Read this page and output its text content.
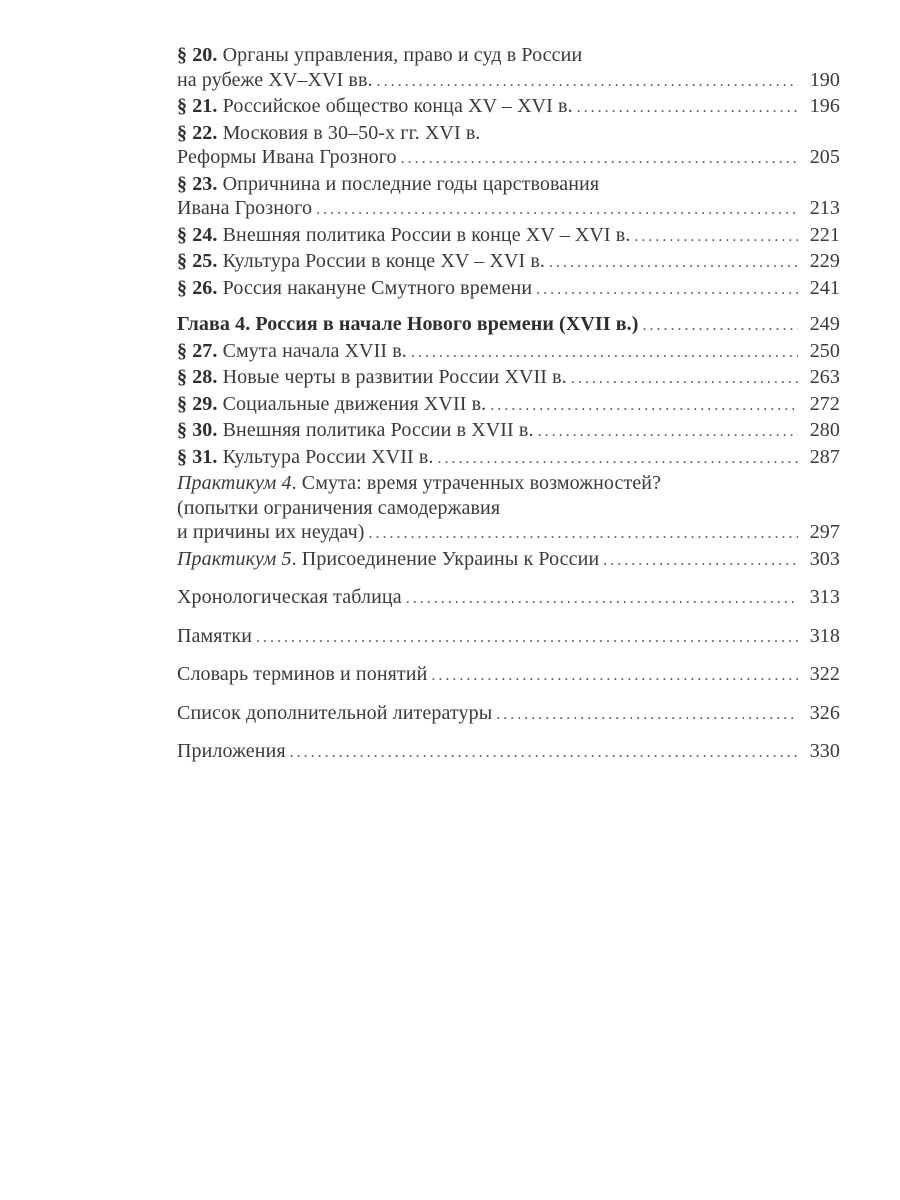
§ 20. Органы управления, право и суд в России
на рубеже XV–XVI вв. . . .	190
§ 21. Российское общество конца XV – XVI в. . . .	196
§ 22. Московия в 30–50-х гг. XVI в.
Реформы Ивана Грозного . . .	205
§ 23. Опричнина и последние годы царствования
Ивана Грозного . . .	213
§ 24. Внешняя политика России в конце XV – XVI в. . . .	221
§ 25. Культура России в конце XV – XVI в. . . .	229
§ 26. Россия накануне Смутного времени . . .	241
Глава 4. Россия в начале Нового времени (XVII в.) . . .	249
§ 27. Смута начала XVII в. . . .	250
§ 28. Новые черты в развитии России XVII в. . . .	263
§ 29. Социальные движения XVII в. . . .	272
§ 30. Внешняя политика России в XVII в. . . .	280
§ 31. Культура России XVII в. . . .	287
Практикум 4. Смута: время утраченных возможностей?
(попытки ограничения самодержавия
и причины их неудач) . . .	297
Практикум 5. Присоединение Украины к России . . .	303
Хронологическая таблица . . .	313
Памятки . . .	318
Словарь терминов и понятий . . .	322
Список дополнительной литературы . . .	326
Приложения . . .	330
